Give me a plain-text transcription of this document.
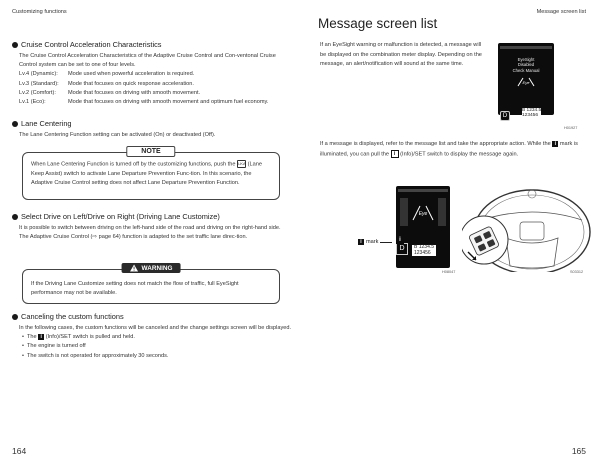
Customizing functions
Cruise Control Acceleration Characteristics
The Cruise Control Acceleration Characteristics of the Adaptive Cruise Control and Con-ventonal Cruise Control system can be set to one of four levels.
Lv.4 (Dynamic):	Mode used when powerful acceleration is required.
Lv.3 (Standard):	Mode that focuses on quick response acceleration.
Lv.2 (Comfort):	Mode that focuses on driving with smooth movement.
Lv.1 (Eco):	Mode that focuses on driving with smooth movement and optimum fuel economy.
Lane Centering
The Lane Centering Function setting can be activated (On) or deactivated (Off).
NOTE
When Lane Centering Function is turned off by the customizing functions, push the LKA (Lane Keep Assist) switch to activate Lane Departure Prevention Func-tion. In this scenario, the Adaptive Cruise Control setting does not affect Lane Departure Prevention Function.
Select Drive on Left/Drive on Right (Driving Lane Customize)
It is possible to switch between driving on the left-hand side of the road and driving on the right-hand side.
The Adaptive Cruise Control (⇨ page 64) function is adapted to the set traffic lane direc-tion.
WARNING
If the Driving Lane Customize setting does not match the flow of traffic, full EyeSight performance may not be available.
Canceling the custom functions
In the following cases, the custom functions will be canceled and the change settings screen will be displayed.
• The i (Info)/SET switch is pulled and held.
• The engine is turned off
• The switch is not operated for approximately 30 seconds.
164
Message screen list
Message screen list
If an EyeSight warning or malfunction is detected, a message will be displayed on the combination meter display. Depending on the message, an alert/notification will sound at the same time.
EyeSight
Disabled
Check Manual
Eye
D
B 1234.5
123456
H01927
If a message is displayed, refer to the message list and take the appropriate action. While the i mark is illuminated, you can pull the i (Info)/SET switch to display the message again.
Eye
D	B 1234.5
123456
i mark	i
H08047	S03312
165
